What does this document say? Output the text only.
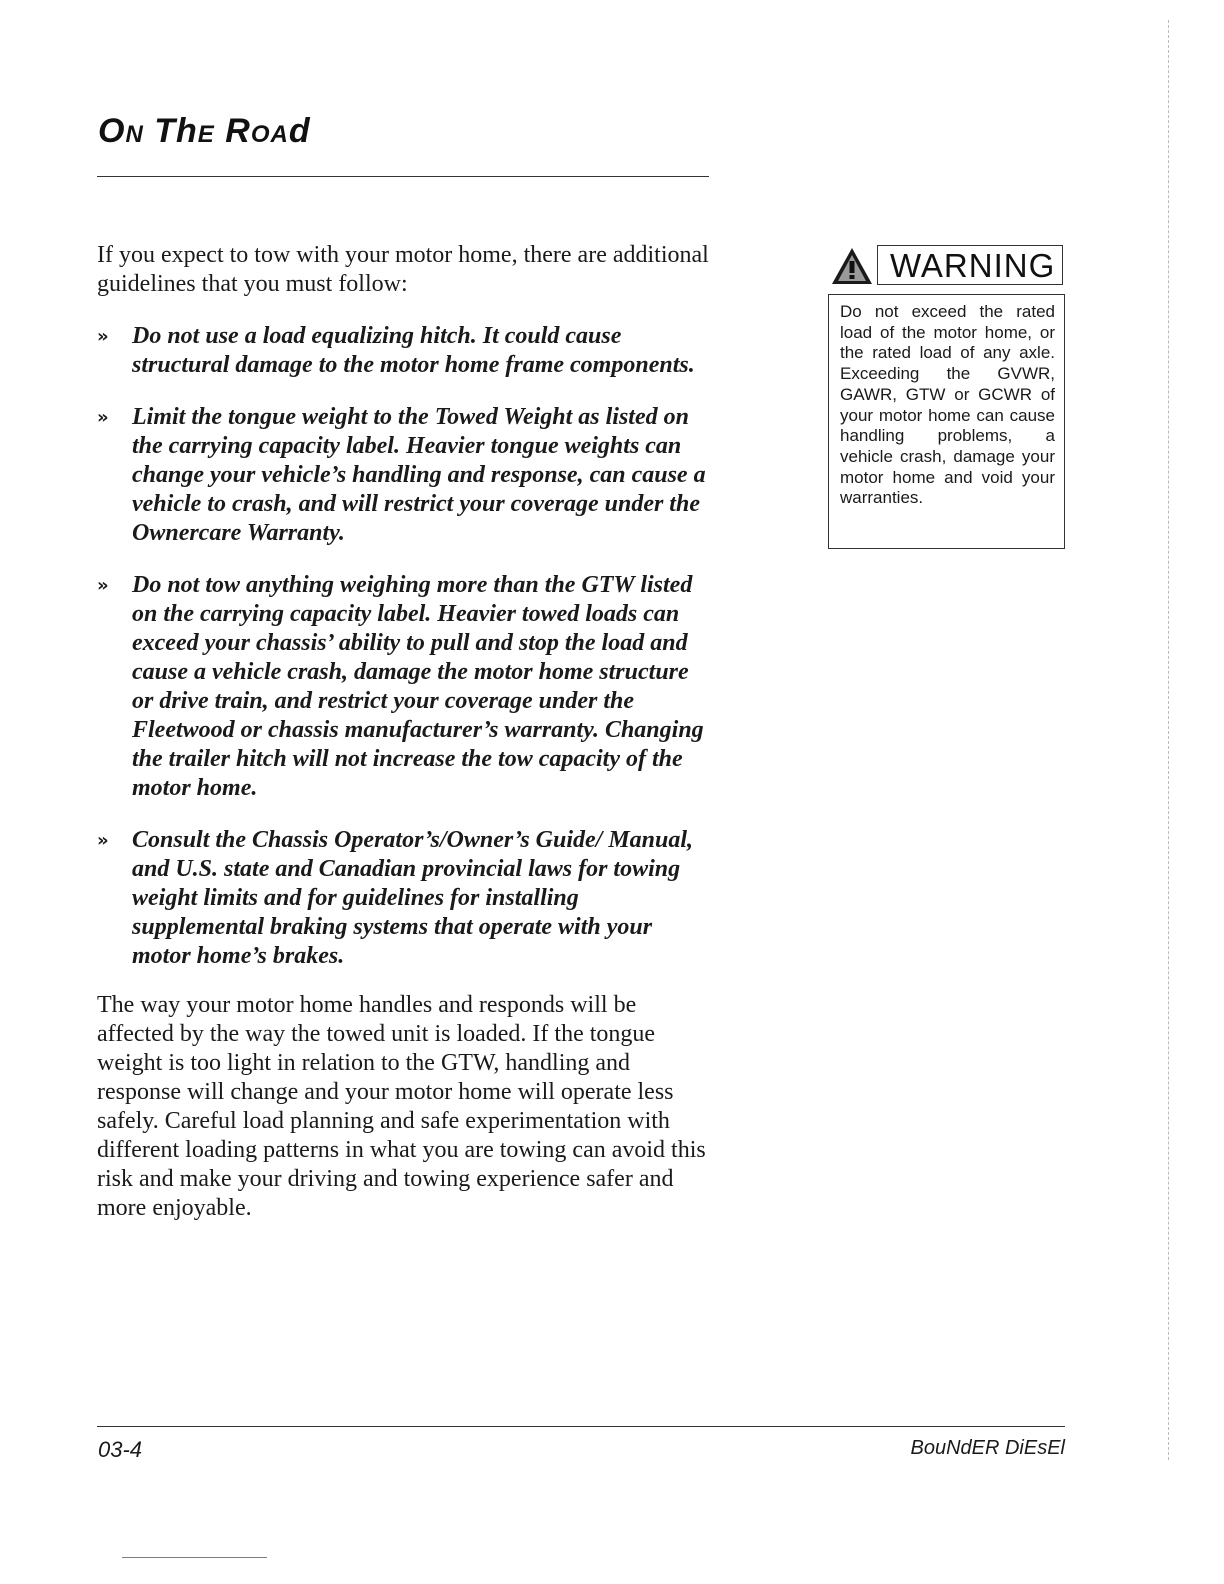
ON ThE ROAd

If you expect to tow with your motor home, there are additional guidelines that you must follow:

» Do not use a load equalizing hitch. It could cause structural damage to the motor home frame components.
» Limit the tongue weight to the Towed Weight as listed on the carrying capacity label. Heavier tongue weights can change your vehicle’s handling and response, can cause a vehicle to crash, and will restrict your coverage under the Ownercare Warranty.
» Do not tow anything weighing more than the GTW listed on the carrying capacity label. Heavier towed loads can exceed your chassis’ ability to pull and stop the load and cause a vehicle crash, damage the motor home structure or drive train, and restrict your coverage under the Fleetwood or chassis manufacturer’s warranty. Changing the trailer hitch will not increase the tow capacity of the motor home.
» Consult the Chassis Operator’s/Owner’s Guide/ Manual, and U.S. state and Canadian provincial laws for towing weight limits and for guidelines for installing supplemental braking systems that operate with your motor home’s brakes.

The way your motor home handles and responds will be affected by the way the towed unit is loaded. If the tongue weight is too light in relation to the GTW, handling and response will change and your motor home will operate less safely. Careful load planning and safe experimentation with different loading patterns in what you are towing can avoid this risk and make your driving and towing experience safer and more enjoyable.

WARNING

Do not exceed the rated load of the motor home, or the rated load of any axle. Exceeding the GVWR, GAWR, GTW or GCWR of your motor home can cause handling problems, a vehicle crash, damage your motor home and void your warranties.

03-4	BouNdER DiEsEl
